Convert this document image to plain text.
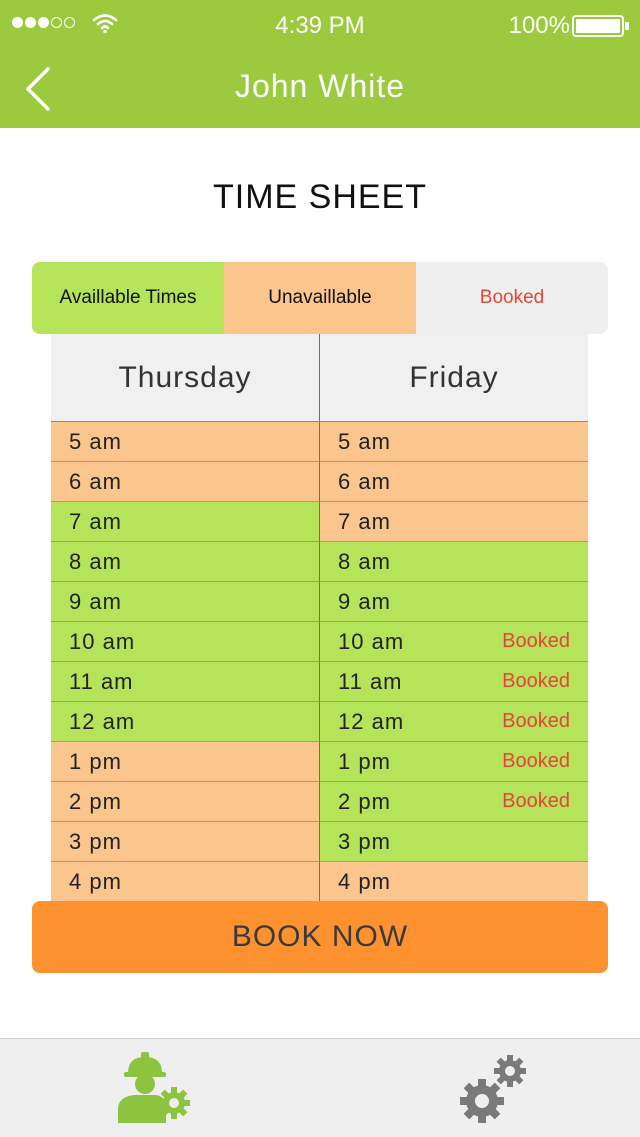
4:39 PM	100%
John White
TIME SHEET
Availlable Times	Unavaillable	Booked
Thursday	Friday
5 am	5 am
6 am	6 am
7 am	7 am
8 am	8 am
9 am	9 am
10 am	10 am	Booked
11 am	11 am	Booked
12 am	12 am	Booked
1 pm	1 pm	Booked
2 pm	2 pm	Booked
3 pm	3 pm
4 pm	4 pm
BOOK NOW
